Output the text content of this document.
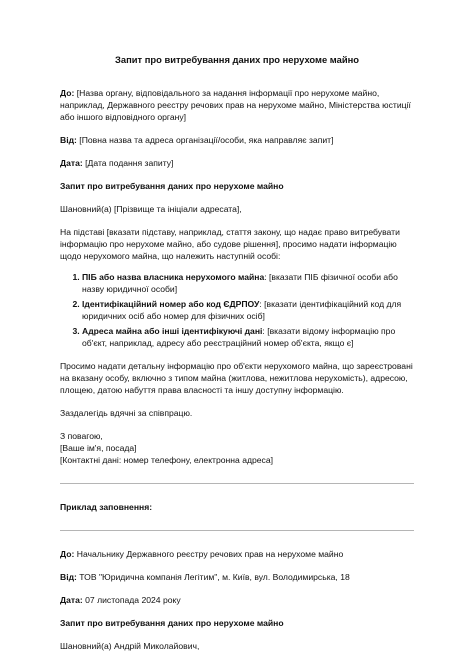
Запит про витребування даних про нерухоме майно

До: [Назва органу, відповідального за надання інформації про нерухоме майно, наприклад, Державного реєстру речових прав на нерухоме майно, Міністерства юстиції або іншого відповідного органу]

Від: [Повна назва та адреса організації/особи, яка направляє запит]

Дата: [Дата подання запиту]

Запит про витребування даних про нерухоме майно

Шановний(а) [Прізвище та ініціали адресата],

На підставі [вказати підставу, наприклад, стаття закону, що надає право витребувати інформацію про нерухоме майно, або судове рішення], просимо надати інформацію щодо нерухомого майна, що належить наступній особі:

1. ПІБ або назва власника нерухомого майна: [вказати ПІБ фізичної особи або назву юридичної особи]
2. Ідентифікаційний номер або код ЄДРПОУ: [вказати ідентифікаційний код для юридичних осіб або номер для фізичних осіб]
3. Адреса майна або інші ідентифікуючі дані: [вказати відому інформацію про об'єкт, наприклад, адресу або реєстраційний номер об'єкта, якщо є]

Просимо надати детальну інформацію про об'єкти нерухомого майна, що зареєстровані на вказану особу, включно з типом майна (житлова, нежитлова нерухомість), адресою, площею, датою набуття права власності та іншу доступну інформацію.

Заздалегідь вдячні за співпрацю.

З повагою,
[Ваше ім'я, посада]
[Контактні дані: номер телефону, електронна адреса]

Приклад заповнення:

До: Начальнику Державного реєстру речових прав на нерухоме майно

Від: ТОВ "Юридична компанія Легітим", м. Київ, вул. Володимирська, 18

Дата: 07 листопада 2024 року

Запит про витребування даних про нерухоме майно

Шановний(а) Андрій Миколайович,
